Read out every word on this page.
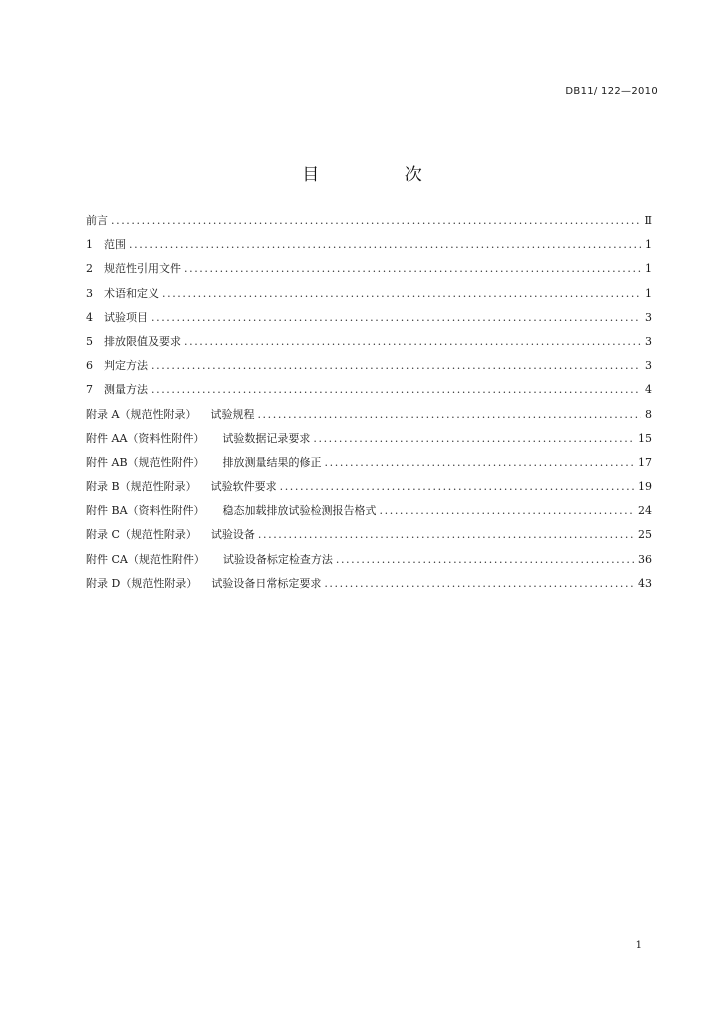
DB11/ 122—2010
目 次
前言 .....	Ⅱ
1	范围 .....	1
2	规范性引用文件 .....	1
3	术语和定义 .....	1
4	试验项目 .....	3
5	排放限值及要求 .....	3
6	判定方法 .....	3
7	测量方法 .....	4
附录 A（规范性附录） 试验规程 .....	8
附件 AA（资料性附件） 试验数据记录要求 .....	15
附件 AB（规范性附件） 排放测量结果的修正 .....	17
附录 B（规范性附录） 试验软件要求 .....	19
附件 BA（资料性附件） 稳态加载排放试验检测报告格式 .....	24
附录 C（规范性附录） 试验设备 .....	25
附件 CA（规范性附件） 试验设备标定检查方法 .....	36
附录 D（规范性附录） 试验设备日常标定要求 .....	43
1
